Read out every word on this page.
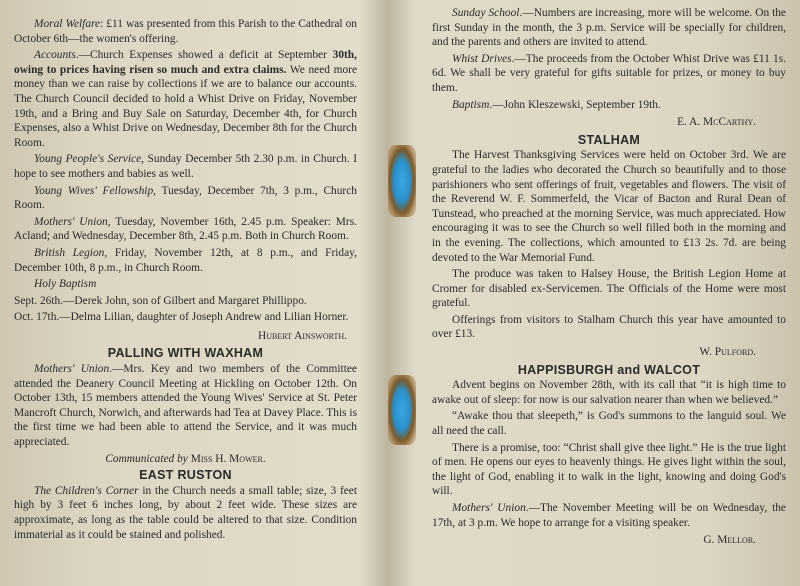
Moral Welfare: £11 was presented from this Parish to the Cathedral on October 6th—the women's offering.

Accounts.—Church Expenses showed a deficit at September 30th, owing to prices having risen so much and extra claims. We need more money than we can raise by collections if we are to balance our accounts. The Church Council decided to hold a Whist Drive on Friday, November 19th, and a Bring and Buy Sale on Saturday, December 4th, for Church Expenses, also a Whist Drive on Wednesday, December 8th for the Church Room.

Young People's Service, Sunday December 5th 2.30 p.m. in Church. I hope to see mothers and babies as well.

Young Wives' Fellowship, Tuesday, December 7th, 3 p.m., Church Room.

Mothers' Union, Tuesday, November 16th, 2.45 p.m. Speaker: Mrs. Acland; and Wednesday, December 8th, 2.45 p.m. Both in Church Room.

British Legion, Friday, November 12th, at 8 p.m., and Friday, December 10th, 8 p.m., in Church Room.

Holy Baptism

Sept. 26th.—Derek John, son of Gilbert and Margaret Phillippo.

Oct. 17th.—Delma Lilian, daughter of Joseph Andrew and Lilian Horner.

Hubert Ainsworth.

PALLING WITH WAXHAM

Mothers' Union.—Mrs. Key and two members of the Committee attended the Deanery Council Meeting at Hickling on October 12th. On October 13th, 15 members attended the Young Wives' Service at St. Peter Mancroft Church, Norwich, and afterwards had Tea at Davey Place. This is the first time we had been able to attend the Service, and it was much appreciated.

Communicated by Miss H. Mower.

EAST RUSTON

The Children's Corner in the Church needs a small table; size, 3 feet high by 3 feet 6 inches long, by about 2 feet wide. These sizes are approximate, as long as the table could be altered to that size. Condition immaterial as it could be stained and polished.

Sunday School.—Numbers are increasing, more will be welcome. On the first Sunday in the month, the 3 p.m. Service will be specially for children, and the parents and others are invited to attend.

Whist Drives.—The proceeds from the October Whist Drive was £11 1s. 6d. We shall be very grateful for gifts suitable for prizes, or money to buy them.

Baptism.—John Kleszewski, September 19th.

E. A. McCarthy.

STALHAM

The Harvest Thanksgiving Services were held on October 3rd. We are grateful to the ladies who decorated the Church so beautifully and to those parishioners who sent offerings of fruit, vegetables and flowers. The visit of the Reverend W. F. Sommerfeld, the Vicar of Bacton and Rural Dean of Tunstead, who preached at the morning Service, was much appreciated. How encouraging it was to see the Church so well filled both in the morning and in the evening. The collections, which amounted to £13 2s. 7d. are being devoted to the War Memorial Fund.

The produce was taken to Halsey House, the British Legion Home at Cromer for disabled ex-Servicemen. The Officials of the Home were most grateful.

Offerings from visitors to Stalham Church this year have amounted to over £13.

W. Pulford.

HAPPISBURGH and WALCOT

Advent begins on November 28th, with its call that “it is high time to awake out of sleep: for now is our salvation nearer than when we believed.”

“Awake thou that sleepeth,” is God's summons to the languid soul. We all need the call.

There is a promise, too: “Christ shall give thee light.” He is the true light of men. He opens our eyes to heavenly things. He gives light within the soul, the light of God, enabling it to walk in the light, knowing and doing God's will.

Mothers' Union.—The November Meeting will be on Wednesday, the 17th, at 3 p.m. We hope to arrange for a visiting speaker.

G. Mellor.
